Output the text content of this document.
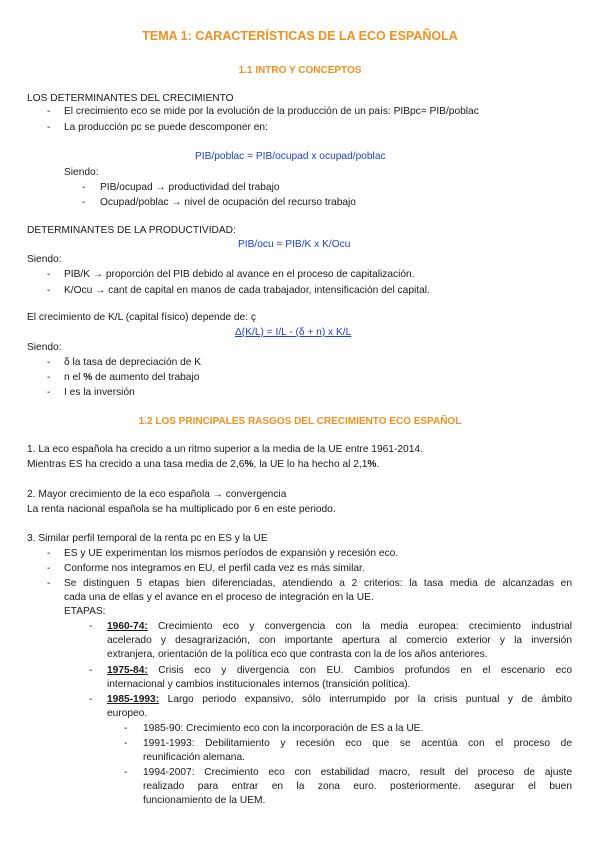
TEMA 1: CARACTERÍSTICAS DE LA ECO ESPAÑOLA
1.1 INTRO Y CONCEPTOS
LOS DETERMINANTES DEL CRECIMIENTO
- El crecimiento eco se mide por la evolución de la producción de un país: PIBpc= PIB/poblac
- La producción pc se puede descomponer en:
PIB/poblac = PIB/ocupad x ocupad/poblac
Siendo:
- PIB/ocupad → productividad del trabajo
- Ocupad/poblac → nivel de ocupación del recurso trabajo
DETERMINANTES DE LA PRODUCTIVIDAD:
PIB/ocu = PIB/K x K/Ocu
Siendo:
- PIB/K → proporción del PIB debido al avance en el proceso de capitalización.
- K/Ocu → cant de capital en manos de cada trabajador, intensificación del capital.
El crecimiento de K/L (capital físico) depende de: ç
Δ(K/L) = I/L - (δ + n) x K/L
Siendo:
- δ la tasa de depreciación de K
- n el % de aumento del trabajo
- I es la inversión
1.2 LOS PRINCIPALES RASGOS DEL CRECIMIENTO ECO ESPAÑOL
1. La eco española ha crecido a un ritmo superior a la media de la UE entre 1961-2014.
Mientras ES ha crecido a una tasa media de 2,6%, la UE lo ha hecho al 2,1%.
2. Mayor crecimiento de la eco española → convergencia
La renta nacional española se ha multiplicado por 6 en este periodo.
3. Similar perfil temporal de la renta pc en ES y la UE
- ES y UE experimentan los mismos períodos de expansión y recesión eco.
- Conforme nos integramos en EU, el perfil cada vez es más similar.
- Se distinguen 5 etapas bien diferenciadas, atendiendo a 2 criterios: la tasa media de alcanzadas en
cada una de ellas y el avance en el proceso de integración en la UE.
ETAPAS:
- 1960-74: Crecimiento eco y convergencia con la media europea: crecimiento industrial
acelerado y desagrarización, con importante apertura al comercio exterior y la inversión
extranjera, orientación de la política eco que contrasta con la de los años anteriores.
- 1975-84: Crisis eco y divergencia con EU. Cambios profundos en el escenario eco
internacional y cambios institucionales internos (transición política).
- 1985-1993: Largo periodo expansivo, sólo interrumpido por la crisis puntual y de ámbito
europeo.
- 1985-90: Crecimiento eco con la incorporación de ES a la UE.
- 1991-1993: Debilitamiento y recesión eco que se acentúa con el proceso de
reunificación alemana.
- 1994-2007: Crecimiento eco con estabilidad macro, result del proceso de ajuste
realizado para entrar en la zona euro. posteriormente. asegurar el buen
funcionamiento de la UEM.
